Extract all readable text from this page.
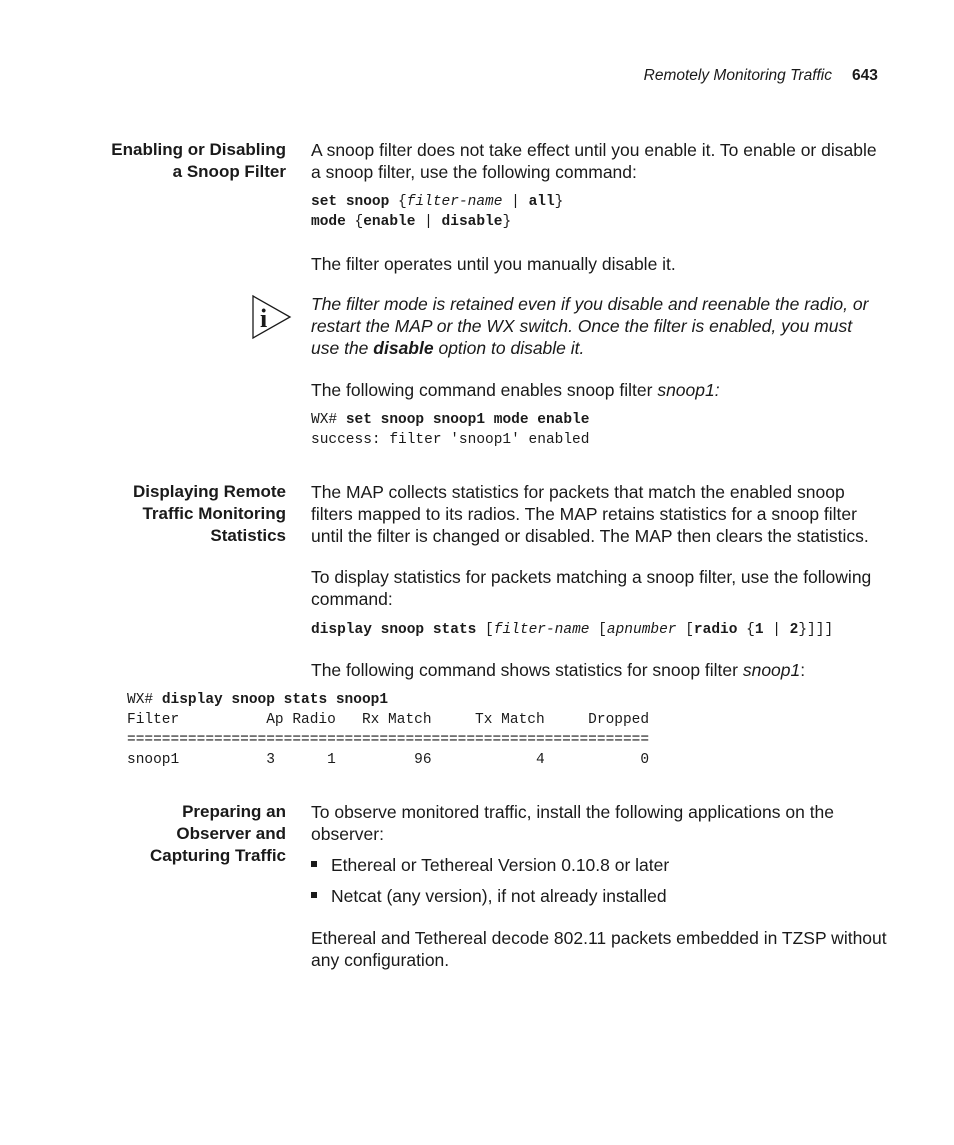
Remotely Monitoring Traffic 643
Enabling or Disabling
a Snoop Filter
A snoop filter does not take effect until you enable it. To enable or disable
a snoop filter, use the following command:
set snoop {filter-name | all}
mode {enable | disable}
The filter operates until you manually disable it.
i	The filter mode is retained even if you disable and reenable the radio, or
restart the MAP or the WX switch. Once the filter is enabled, you must
use the disable option to disable it.
The following command enables snoop filter snoop1:
WX# set snoop snoop1 mode enable
success: filter 'snoop1' enabled
Displaying Remote
Traffic Monitoring
Statistics
The MAP collects statistics for packets that match the enabled snoop
filters mapped to its radios. The MAP retains statistics for a snoop filter
until the filter is changed or disabled. The MAP then clears the statistics.
To display statistics for packets matching a snoop filter, use the following
command:
display snoop stats [filter-name [apnumber [radio {1 | 2}]]]
The following command shows statistics for snoop filter snoop1:
WX# display snoop stats snoop1
Filter          Ap Radio   Rx Match     Tx Match     Dropped
============================================================
snoop1          3      1         96            4           0
Preparing an
Observer and
Capturing Traffic
To observe monitored traffic, install the following applications on the
observer:
Ethereal or Tethereal Version 0.10.8 or later
Netcat (any version), if not already installed
Ethereal and Tethereal decode 802.11 packets embedded in TZSP without
any configuration.
